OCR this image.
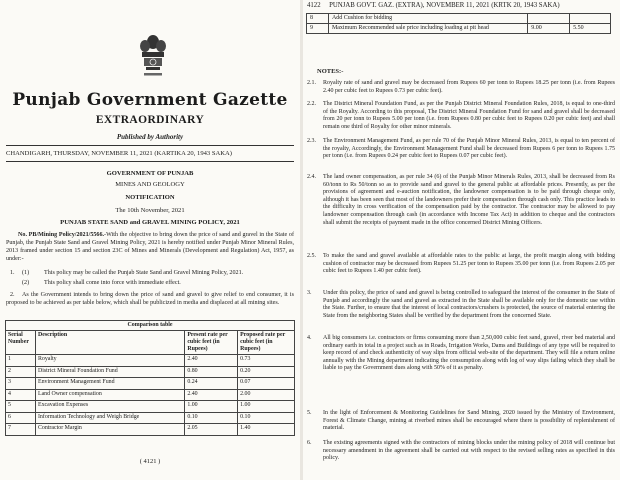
Punjab Government Gazette
EXTRAORDINARY
Published by Authority
CHANDIGARH, THURSDAY, NOVEMBER 11, 2021 (KARTIKA 20, 1943 SAKA)
GOVERNMENT OF PUNJAB
MINES AND GEOLOGY
NOTIFICATION
The 10th November, 2021
PUNJAB STATE SAND and GRAVEL MINING POLICY, 2021
No. PB/Mining Policy/2021/5566.-With the objective to bring down the price of sand and gravel in the State of Punjab, the Punjab State Sand and Gravel Mining Policy, 2021 is hereby notified under Punjab Minor Mineral Rules, 2013 framed under section 15 and section 23C of Mines and Minerals (Development and Regulation) Act, 1957, as under:-
1. (1) This policy may be called the Punjab State Sand and Gravel Mining Policy, 2021.
(2) This policy shall come into force with immediate effect.
2.	As the Government intends to bring down the price of sand and gravel to give relief to end consumer, it is proposed to be achieved as per table below, which shall be publicized in media and displaced at all mining sites.
Comparison table			
Serial Number	Description	Present rate per cubic feet (in Rupees)	Proposed rate per cubic feet (in Rupees)
1	Royalty	2.40	0.73
2	District Mineral Foundation Fund	0.80	0.20
3	Environment Management Fund	0.24	0.07
4	Land Owner compensation	2.40	2.00
5	Excavation Expenses	1.00	1.00
6	Information Technology and Weigh Bridge	0.10	0.10
7	Contractor Margin	2.05	1.40
( 4121 )
4122     PUNJAB GOVT. GAZ. (EXTRA), NOVEMBER 11, 2021 (KRTK 20, 1943 SAKA)
8	Add Cushion for bidding		
9	Maximum Recommended sale price including loading at pit head	9.00	5.50
NOTES:-
2.1.	Royalty rate of sand and gravel may be decreased from Rupees 60 per tonn to Rupees 18.25 per tonn (i.e. from Rupees 2.40 per cubic feet to Rupees 0.73 per cubic feet).
2.2.	The District Mineral Foundation Fund, as per the Punjab District Mineral Foundation Rules, 2018, is equal to one-third of the Royalty. According to this proposal, The District Mineral Foundation Fund for sand and gravel shall be decreased from 20 per tonn to Rupees 5.00 per tonn (i.e. from Rupees 0.80 per cubic feet to Rupees 0.20 per cubic feet) and shall remain one third of Royalty for other minor minerals.
2.3.	The Environment Management Fund, as per rule 70 of the Punjab Minor Mineral Rules, 2013, is equal to ten percent of the royalty, Accordingly, the Environment Management Fund shall be decreased from Rupees 6 per tonn to Rupees 1.75 per tonn (i.e. from Rupees 0.24 per cubic feet to Rupees 0.07 per cubic feet).
2.4.	The land owner compensation, as per rule 34 (6) of the Punjab Minor Minerals Rules, 2013, shall be decreased from Rs 60/tonn to Rs 50/tonn so as to provide sand and gravel to the general public at affordable prices. Presently, as per the provisions of agreement and e-auction notification, the landowner compensation is to be paid through cheque only, although it has been seen that most of the landowners prefer their compensation through cash only. This practice leads to the difficulty in cross verification of the compensation paid by the contractor. The contractor may be allowed to pay landowner compensation through cash (in accordance with Income Tax Act) in addition to cheque and the contractors shall submit the receipts of payment made in the office concerned District Mining Officers.
2.5.	To make the sand and gravel available at affordable rates to the public at large, the profit margin along with bidding cushion of contractor may be decreased from Rupees 51.25 per tonn to Rupees 35.00 per tonn (i.e. from Rupees 2.05 per cubic feet to Rupees 1.40 per cubic feet).
3.	Under this policy, the price of sand and gravel is being controlled to safeguard the interest of the consumer in the State of Punjab and accordingly the sand and gravel as extracted in the State shall be available only for the domestic use within the State. Further, to ensure that the interest of local contractors/crushers is protected, the source of material entering the State from the neighboring States shall be verified by the department from the concerned State.
4.	All big consumers i.e. contractors or firms consuming more than 2,50,000 cubic feet sand, gravel, river bed material and ordinary earth in total in a project such as in Roads, Irrigation Works, Dams and Buildings of any type will be required to keep record of and check authenticity of way slips from official web-site of the department. They will file a return online annually with the Mining department indicating the consumption along with log of way slips failing which they shall be liable to pay the Government dues along with 50% of it as penalty.
5.	In the light of Enforcement & Monitoring Guidelines for Sand Mining, 2020 issued by the Ministry of Environment, Forest & Climate Change, mining at riverbed mines shall be encouraged where there is possibility of replenishment of material.
6.	The existing agreements signed with the contractors of mining blocks under the mining policy of 2018 will continue but necessary amendment in the agreement shall be carried out with respect to the revised selling rates as specified in this policy.
